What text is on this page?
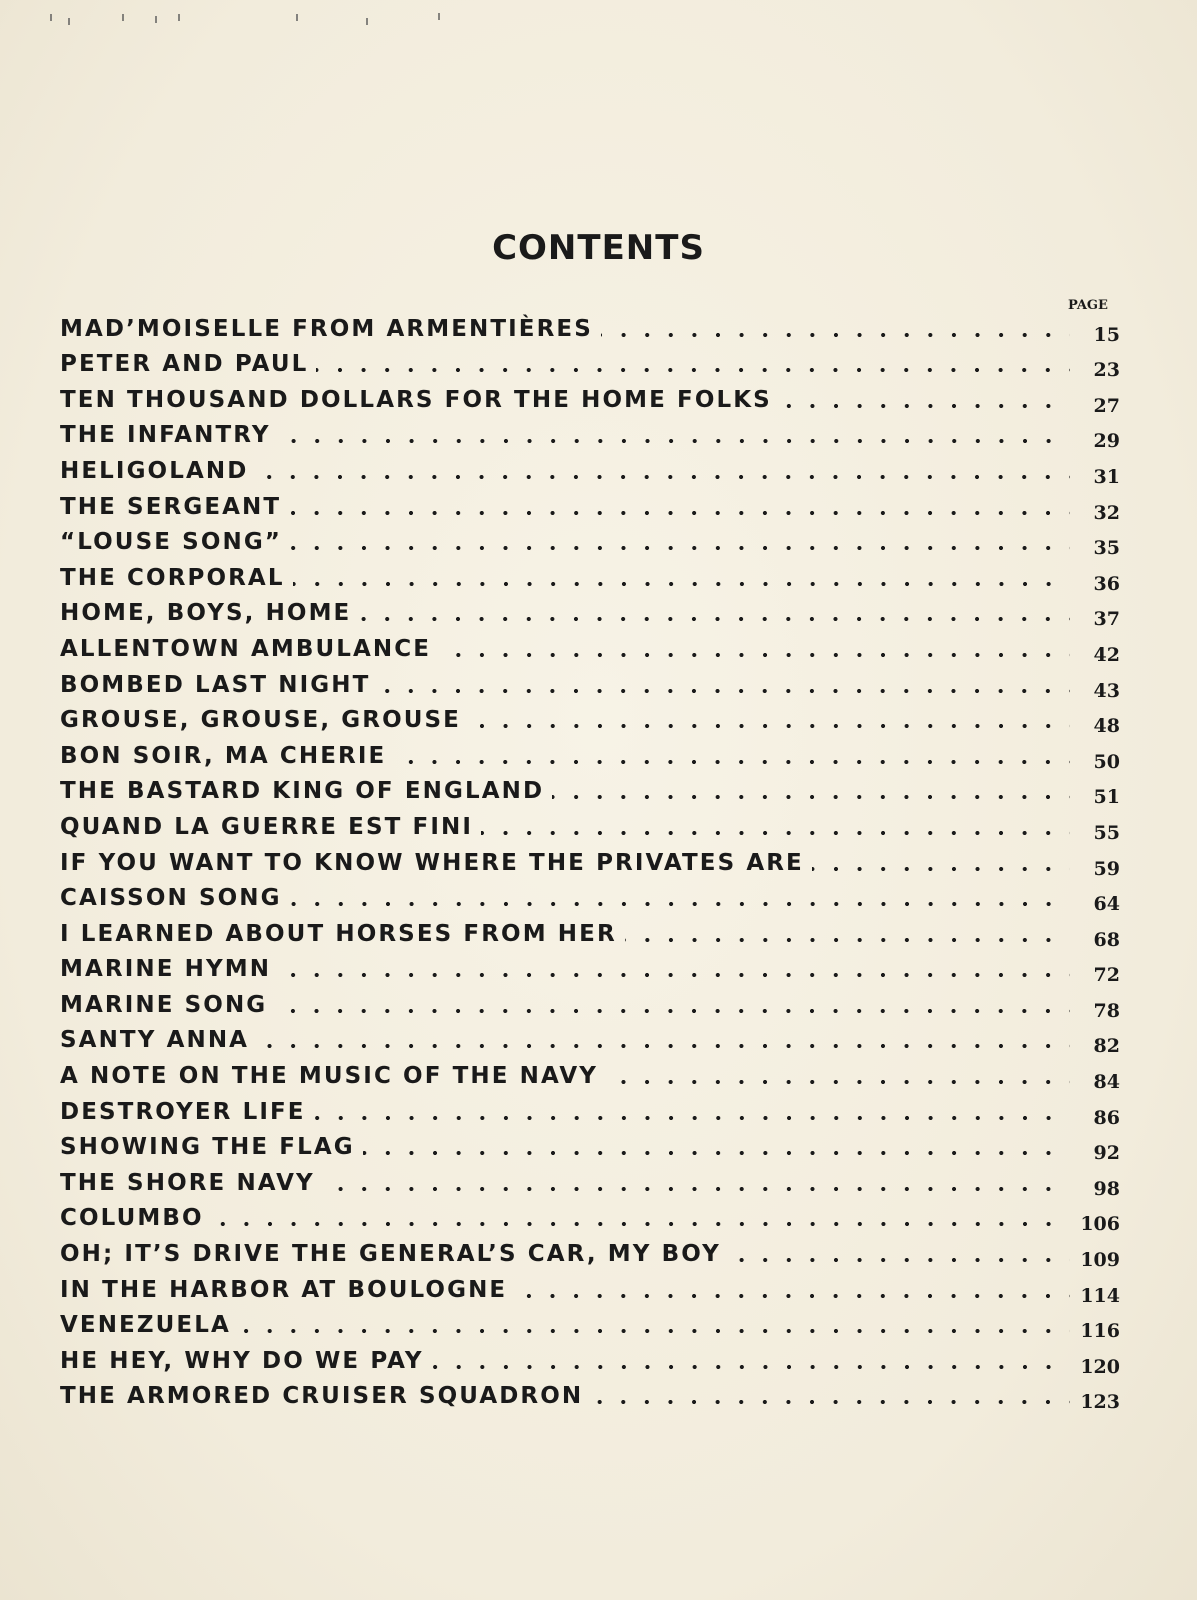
CONTENTS
PAGE
MAD’MOISELLE FROM ARMENTIÈRES	15
PETER AND PAUL	23
TEN THOUSAND DOLLARS FOR THE HOME FOLKS	27
THE INFANTRY	29
HELIGOLAND	31
THE SERGEANT	32
“LOUSE SONG”	35
THE CORPORAL	36
HOME, BOYS, HOME	37
ALLENTOWN AMBULANCE	42
BOMBED LAST NIGHT	43
GROUSE, GROUSE, GROUSE	48
BON SOIR, MA CHERIE	50
THE BASTARD KING OF ENGLAND	51
QUAND LA GUERRE EST FINI	55
IF YOU WANT TO KNOW WHERE THE PRIVATES ARE	59
CAISSON SONG	64
I LEARNED ABOUT HORSES FROM HER	68
MARINE HYMN	72
MARINE SONG	78
SANTY ANNA	82
A NOTE ON THE MUSIC OF THE NAVY	84
DESTROYER LIFE	86
SHOWING THE FLAG	92
THE SHORE NAVY	98
COLUMBO	106
OH; IT’S DRIVE THE GENERAL’S CAR, MY BOY	109
IN THE HARBOR AT BOULOGNE	114
VENEZUELA	116
HE HEY, WHY DO WE PAY	120
THE ARMORED CRUISER SQUADRON	123
